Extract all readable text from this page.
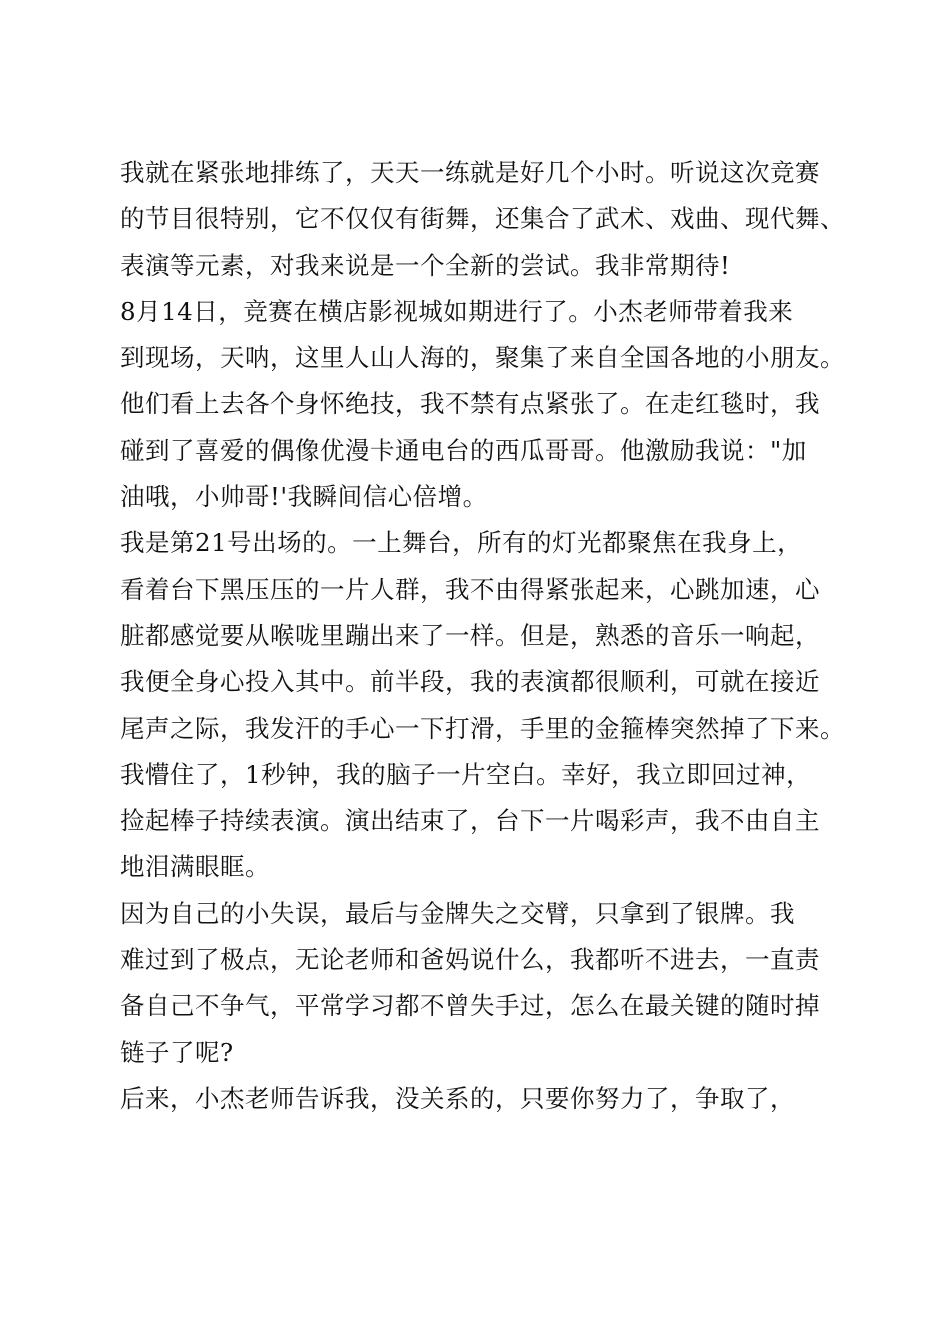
我就在紧张地排练了，天天一练就是好几个小时。听说这次竞赛
的节目很特别，它不仅仅有街舞，还集合了武术、戏曲、现代舞、
表演等元素，对我来说是一个全新的尝试。我非常期待!
8月14日，竞赛在横店影视城如期进行了。小杰老师带着我来
到现场，天呐，这里人山人海的，聚集了来自全国各地的小朋友。
他们看上去各个身怀绝技，我不禁有点紧张了。在走红毯时，我
碰到了喜爱的偶像优漫卡通电台的西瓜哥哥。他激励我说："加
油哦，小帅哥!'我瞬间信心倍增。
我是第21号出场的。一上舞台，所有的灯光都聚焦在我身上，
看着台下黑压压的一片人群，我不由得紧张起来，心跳加速，心
脏都感觉要从喉咙里蹦出来了一样。但是，熟悉的音乐一响起，
我便全身心投入其中。前半段，我的表演都很顺利，可就在接近
尾声之际，我发汗的手心一下打滑，手里的金箍棒突然掉了下来。
我懵住了，1秒钟，我的脑子一片空白。幸好，我立即回过神，
捡起棒子持续表演。演出结束了，台下一片喝彩声，我不由自主
地泪满眼眶。
因为自己的小失误，最后与金牌失之交臂，只拿到了银牌。我
难过到了极点，无论老师和爸妈说什么，我都听不进去，一直责
备自己不争气，平常学习都不曾失手过，怎么在最关键的随时掉
链子了呢?
后来，小杰老师告诉我，没关系的，只要你努力了，争取了，
